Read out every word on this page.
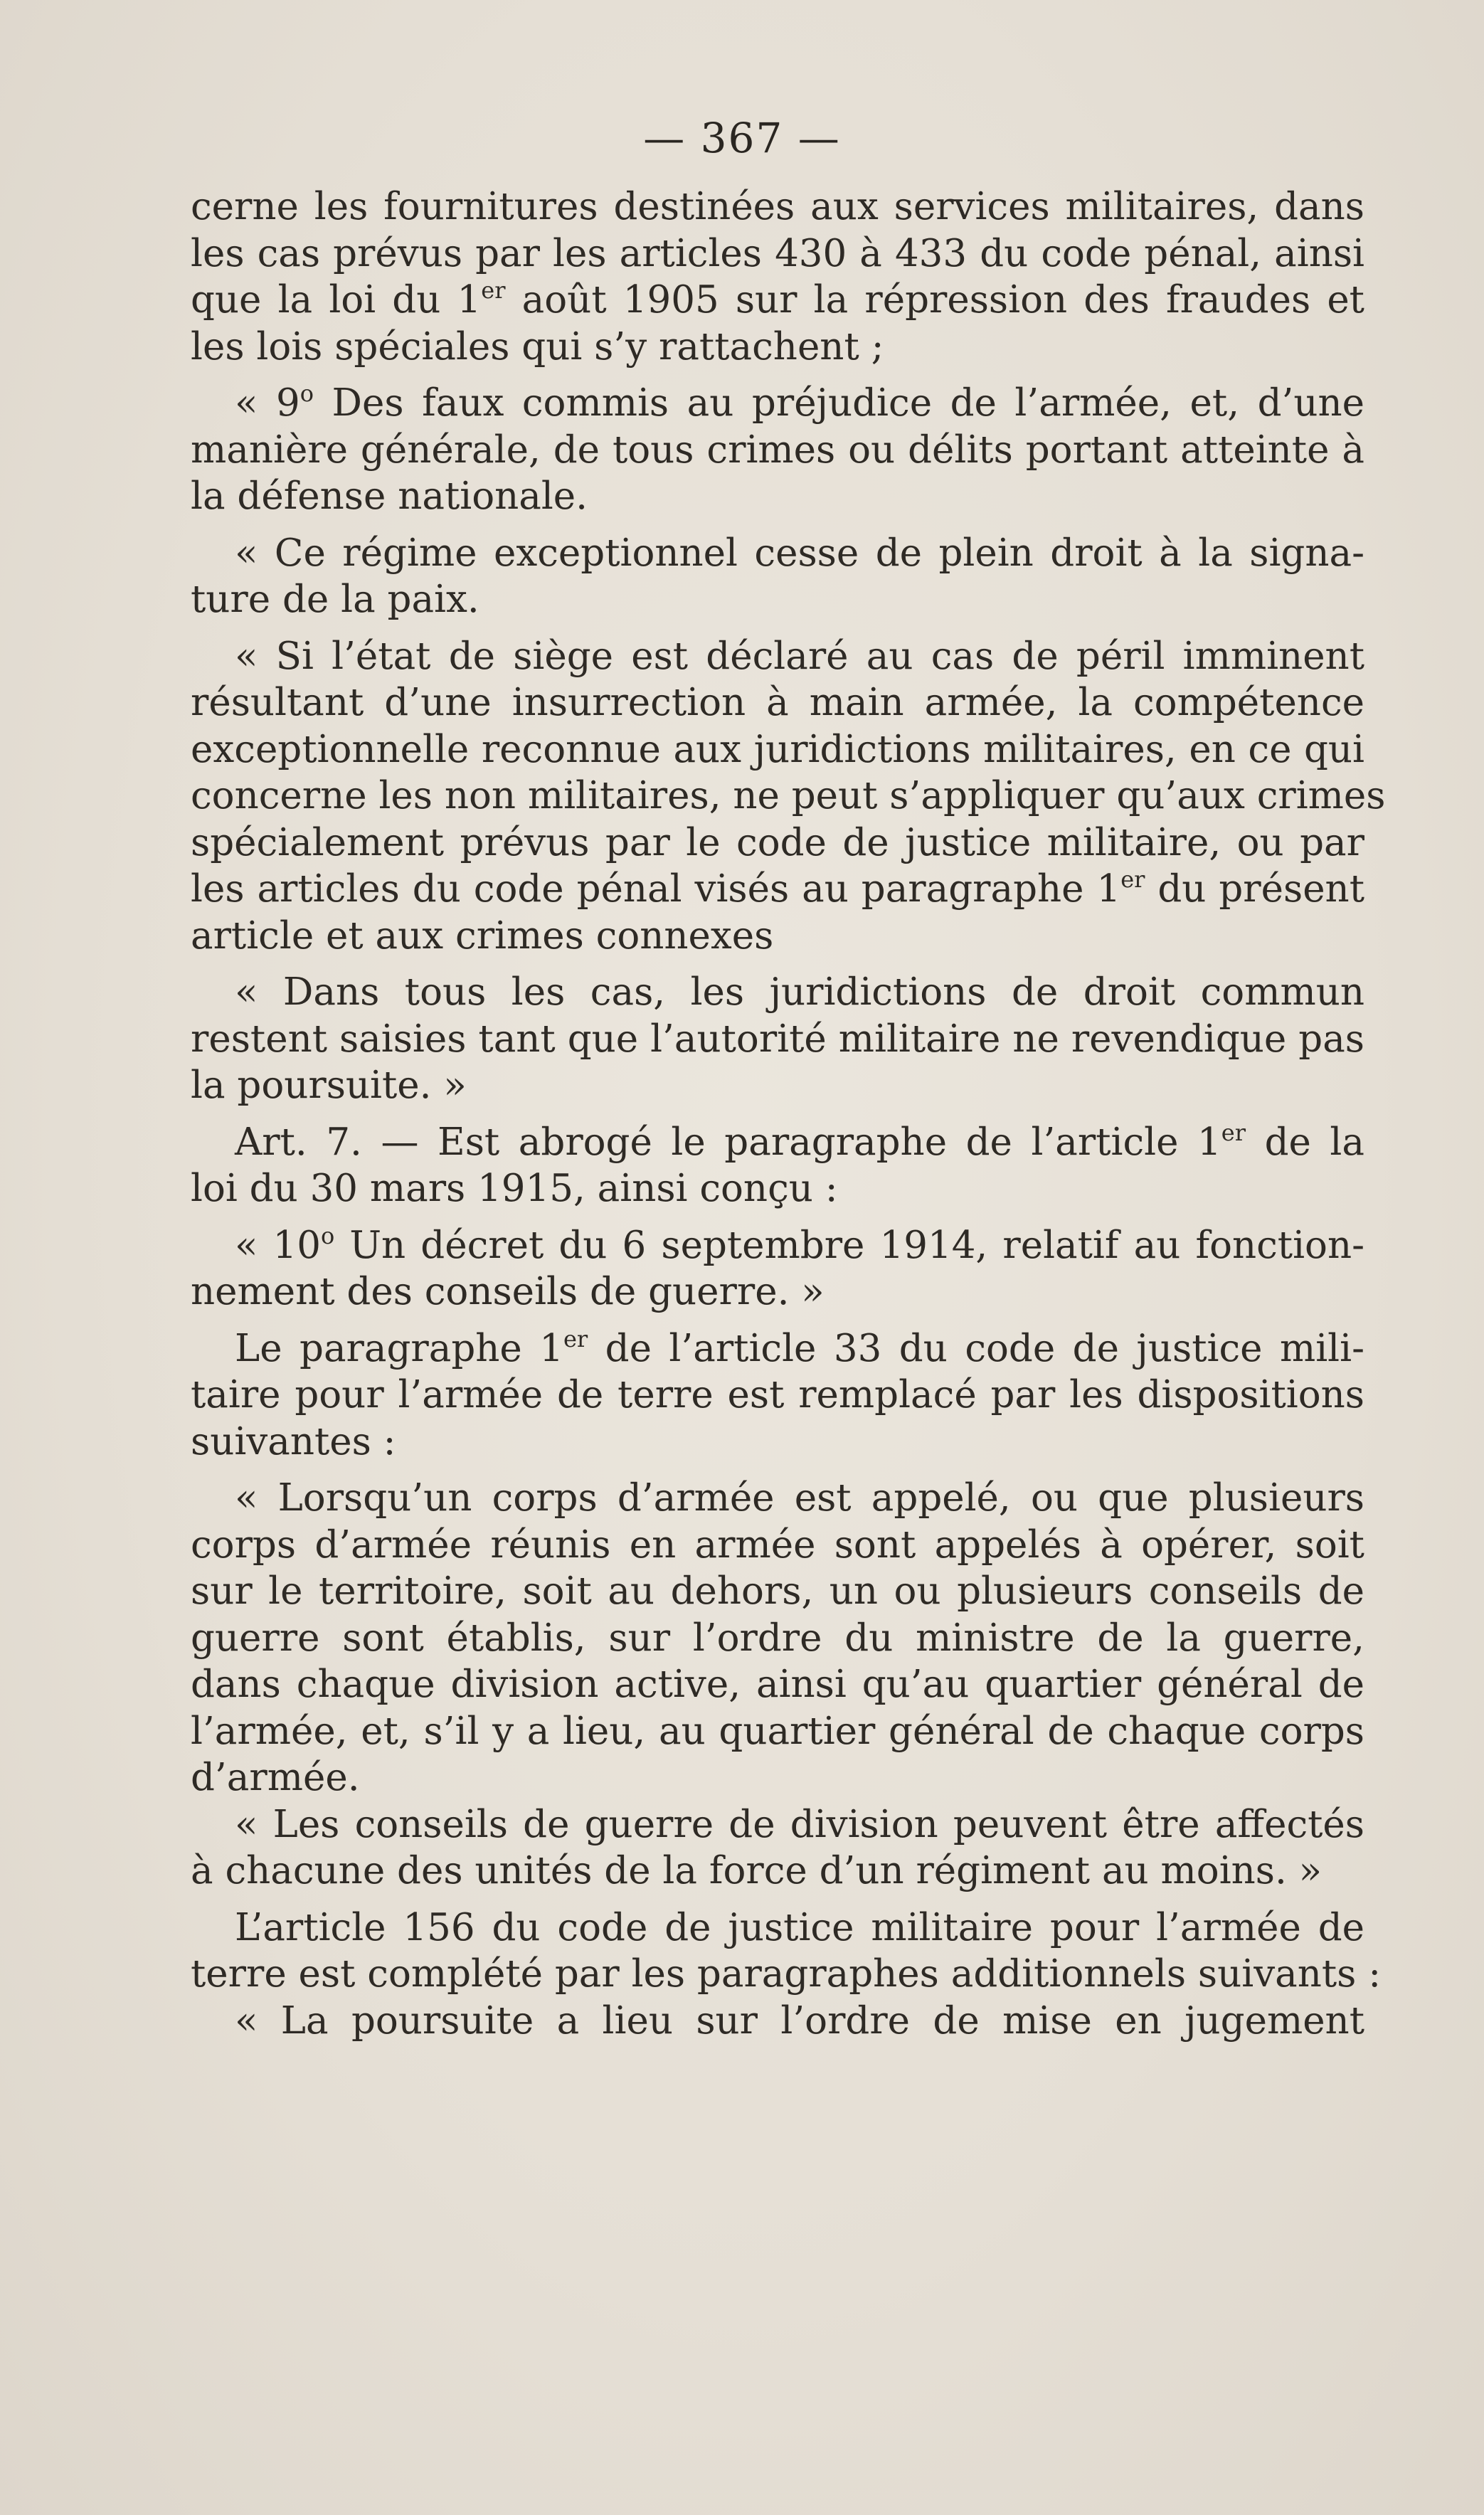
— 367 —
cerne les fournitures destinées aux services militaires, dans
les cas prévus par les articles 430 à 433 du code pénal, ainsi
que la loi du 1er août 1905 sur la répression des fraudes et
les lois spéciales qui s’y rattachent ;
« 9$^o$ Des faux commis au préjudice de l’armée, et, d’une
manière générale, de tous crimes ou délits portant atteinte à
la défense nationale.
« Ce régime exceptionnel cesse de plein droit à la signa-
ture de la paix.
« Si l’état de siège est déclaré au cas de péril imminent
résultant d’une insurrection à main armée, la compétence
exceptionnelle reconnue aux juridictions militaires, en ce qui
concerne les non militaires, ne peut s’appliquer qu’aux crimes
spécialement prévus par le code de justice militaire, ou par
les articles du code pénal visés au paragraphe 1er du présent
article et aux crimes connexes
« Dans tous les cas, les juridictions de droit commun
restent saisies tant que l’autorité militaire ne revendique pas
la poursuite. »
Art. 7. — Est abrogé le paragraphe de l’article 1er de la
loi du 30 mars 1915, ainsi conçu :
« 10$^o$ Un décret du 6 septembre 1914, relatif au fonction-
nement des conseils de guerre. »
Le paragraphe 1er de l’article 33 du code de justice mili-
taire pour l’armée de terre est remplacé par les dispositions
suivantes :
« Lorsqu’un corps d’armée est appelé, ou que plusieurs
corps d’armée réunis en armée sont appelés à opérer, soit
sur le territoire, soit au dehors, un ou plusieurs conseils de
guerre sont établis, sur l’ordre du ministre de la guerre,
dans chaque division active, ainsi qu’au quartier général de
l’armée, et, s’il y a lieu, au quartier général de chaque corps
d’armée.
« Les conseils de guerre de division peuvent être affectés
à chacune des unités de la force d’un régiment au moins. »
L’article 156 du code de justice militaire pour l’armée de
terre est complété par les paragraphes additionnels suivants :
« La poursuite a lieu sur l’ordre de mise en jugement
